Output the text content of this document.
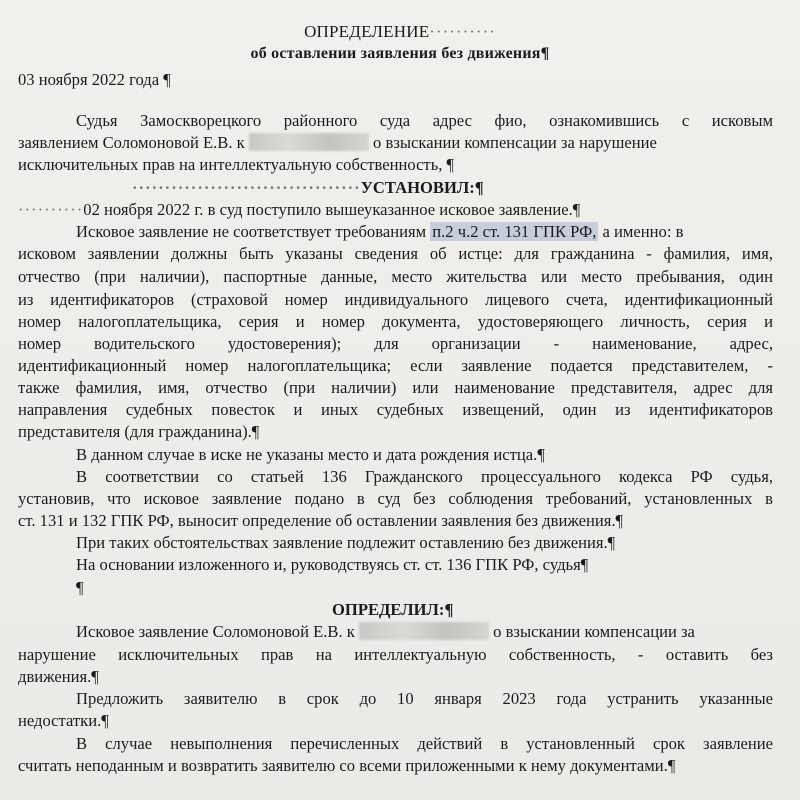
ОПРЕДЕЛЕНИЕ··········
об оставлении заявления без движения¶
03 ноября 2022 года ¶
Судья Замоскворецкого районного суда адрес фио, ознакомившись с исковым
заявлением Соломоновой Е.В. к	о взыскании компенсации за нарушение
исключительных прав на интеллектуальную собственность, ¶
···································УСТАНОВИЛ:¶
··········02 ноября 2022 г. в суд поступило вышеуказанное исковое заявление.¶
Исковое заявление не соответствует требованиям п.2 ч.2 ст. 131 ГПК РФ, а именно: в
исковом заявлении должны быть указаны сведения об истце: для гражданина - фамилия, имя,
отчество (при наличии), паспортные данные, место жительства или место пребывания, один
из идентификаторов (страховой номер индивидуального лицевого счета, идентификационный
номер налогоплательщика, серия и номер документа, удостоверяющего личность, серия и
номер водительского удостоверения); для организации - наименование, адрес,
идентификационный номер налогоплательщика; если заявление подается представителем, -
также фамилия, имя, отчество (при наличии) или наименование представителя, адрес для
направления судебных повесток и иных судебных извещений, один из идентификаторов
представителя (для гражданина).¶
В данном случае в иске не указаны место и дата рождения истца.¶
В соответствии со статьей 136 Гражданского процессуального кодекса РФ судья,
установив, что исковое заявление подано в суд без соблюдения требований, установленных в
ст. 131 и 132 ГПК РФ, выносит определение об оставлении заявления без движения.¶
При таких обстоятельствах заявление подлежит оставлению без движения.¶
На основании изложенного и, руководствуясь ст. ст. 136 ГПК РФ, судья¶
¶
ОПРЕДЕЛИЛ:¶
Исковое заявление Соломоновой Е.В. к	о взыскании компенсации за
нарушение исключительных прав на интеллектуальную собственность, - оставить без
движения.¶
Предложить заявителю в срок до 10 января 2023 года устранить указанные
недостатки.¶
В случае невыполнения перечисленных действий в установленный срок заявление
считать неподанным и возвратить заявителю со всеми приложенными к нему документами.¶
